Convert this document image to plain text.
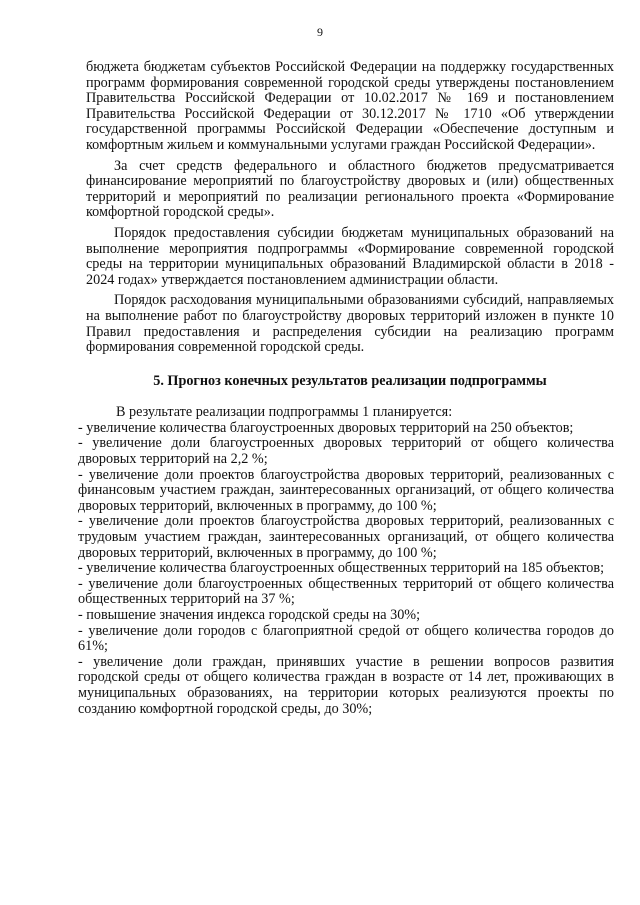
9

бюджета бюджетам субъектов Российской Федерации на поддержку государственных программ формирования современной городской среды утверждены постановлением Правительства Российской Федерации от 10.02.2017 № 169 и постановлением Правительства Российской Федерации от 30.12.2017 № 1710 «Об утверждении государственной программы Российской Федерации «Обеспечение доступным и комфортным жильем и коммунальными услугами граждан Российской Федерации».

За счет средств федерального и областного бюджетов предусматривается финансирование мероприятий по благоустройству дворовых и (или) общественных территорий и мероприятий по реализации регионального проекта «Формирование комфортной городской среды».

Порядок предоставления субсидии бюджетам муниципальных образований на выполнение мероприятия подпрограммы «Формирование современной городской среды на территории муниципальных образований Владимирской области в 2018 - 2024 годах» утверждается постановлением администрации области.

Порядок расходования муниципальными образованиями субсидий, направляемых на выполнение работ по благоустройству дворовых территорий изложен в пункте 10 Правил предоставления и распределения субсидии на реализацию программ формирования современной городской среды.

5. Прогноз конечных результатов реализации подпрограммы

В результате реализации подпрограммы 1 планируется:

- увеличение количества благоустроенных дворовых территорий на 250 объектов;

- увеличение доли благоустроенных дворовых территорий от общего количества дворовых территорий на 2,2 %;

- увеличение доли проектов благоустройства дворовых территорий, реализованных с финансовым участием граждан, заинтересованных организаций, от общего количества дворовых территорий, включенных в программу, до 100 %;

- увеличение доли проектов благоустройства дворовых территорий, реализованных с трудовым участием граждан, заинтересованных организаций, от общего количества дворовых территорий, включенных в программу, до 100 %;

- увеличение количества благоустроенных общественных территорий на 185 объектов;

- увеличение доли благоустроенных общественных территорий от общего количества общественных территорий на 37 %;

- повышение значения индекса городской среды на 30%;

- увеличение доли городов с благоприятной средой от общего количества городов до 61%;

- увеличение доли граждан, принявших участие в решении вопросов развития городской среды от общего количества граждан в возрасте от 14 лет, проживающих в муниципальных образованиях, на территории которых реализуются проекты по созданию комфортной городской среды, до 30%;
